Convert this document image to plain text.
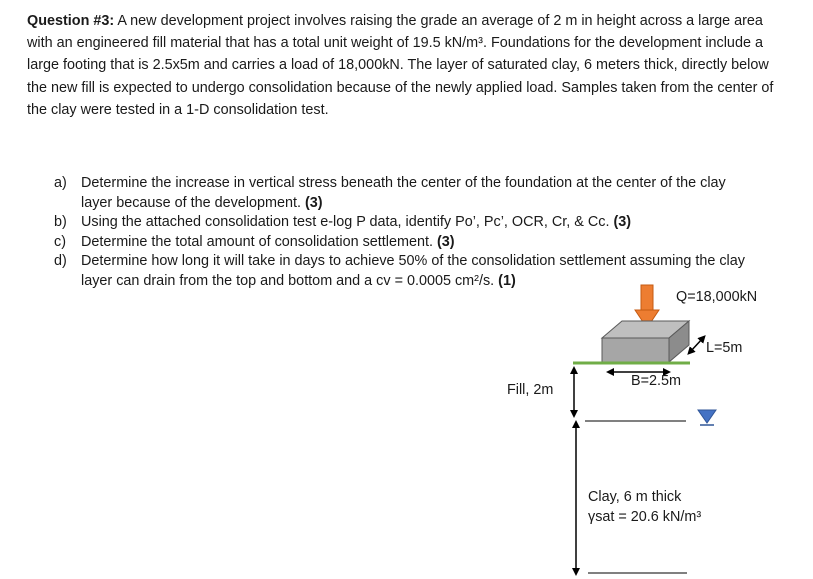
Question #3: A new development project involves raising the grade an average of 2 m in height across a large area with an engineered fill material that has a total unit weight of 19.5 kN/m³. Foundations for the development include a large footing that is 2.5x5m and carries a load of 18,000kN. The layer of saturated clay, 6 meters thick, directly below the new fill is expected to undergo consolidation because of the newly applied load. Samples taken from the center of the clay were tested in a 1-D consolidation test.
a) Determine the increase in vertical stress beneath the center of the foundation at the center of the clay layer because of the development. (3)
b) Using the attached consolidation test e-log P data, identify Po’, Pc’, OCR, Cr, & Cc. (3)
c) Determine the total amount of consolidation settlement. (3)
d) Determine how long it will take in days to achieve 50% of the consolidation settlement assuming the clay layer can drain from the top and bottom and a cv = 0.0005 cm²/s. (1)
Q=18,000kN
L=5m
B=2.5m
Fill, 2m
Clay, 6 m thick
γsat = 20.6 kN/m³
